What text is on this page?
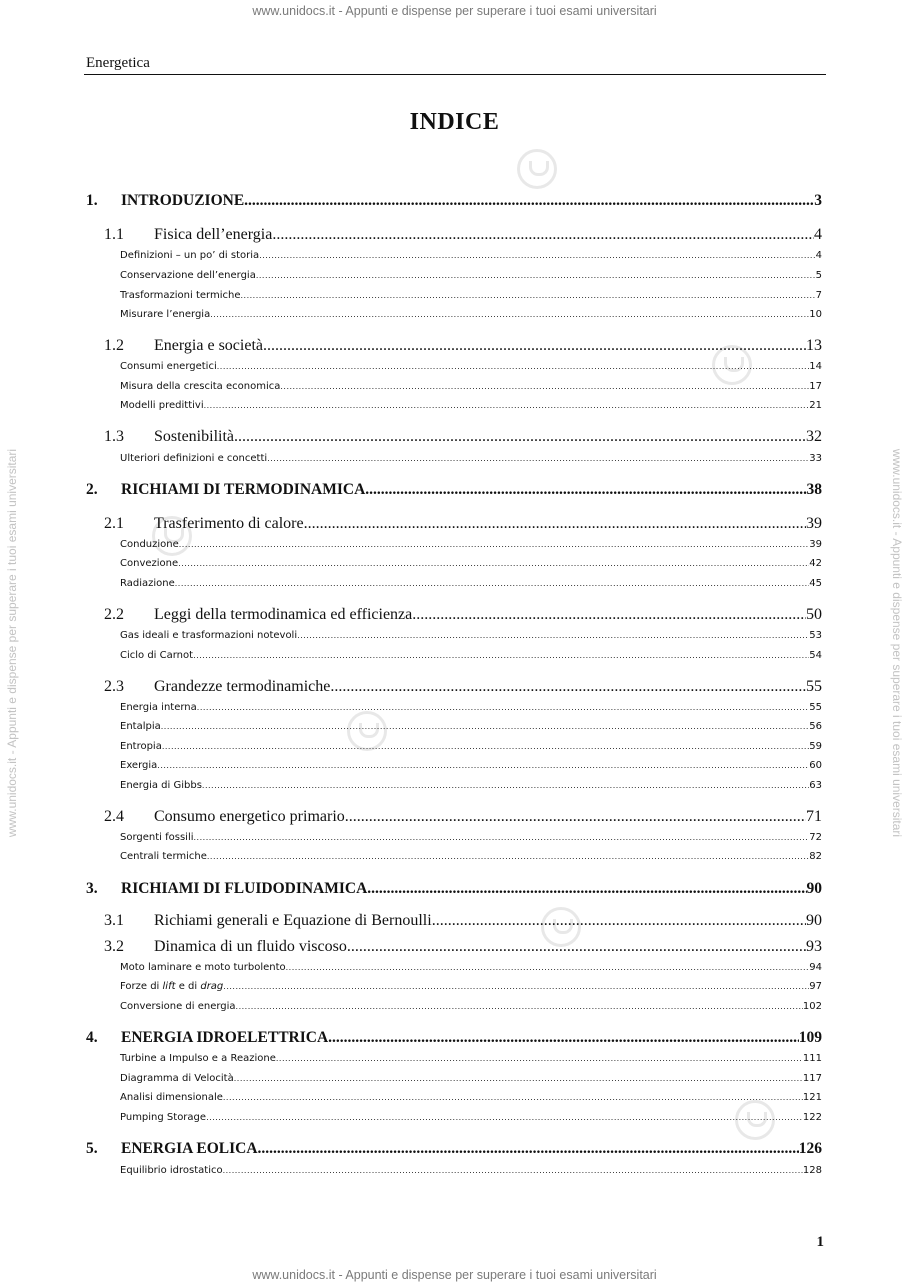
www.unidocs.it - Appunti e dispense per superare i tuoi esami universitari
www.unidocs.it - Appunti e dispense per superare i tuoi esami universitari
www.unidocs.it - Appunti e dispense per superare i tuoi esami universitari	www.unidocs.it - Appunti e dispense per superare i tuoi esami universitari
Energetica
INDICE
1.	INTRODUZIONE .....	3
1.1	Fisica dell’energia .....	4
Definizioni – un po’ di storia .....	4
Conservazione dell’energia .....	5
Trasformazioni termiche .....	7
Misurare l’energia .....	10
1.2	Energia e società .....	13
Consumi energetici .....	14
Misura della crescita economica .....	17
Modelli predittivi .....	21
1.3	Sostenibilità .....	32
Ulteriori definizioni e concetti .....	33
2.	RICHIAMI DI TERMODINAMICA .....	38
2.1	Trasferimento di calore .....	39
Conduzione .....	39
Convezione .....	42
Radiazione .....	45
2.2	Leggi della termodinamica ed efficienza .....	50
Gas ideali e trasformazioni notevoli .....	53
Ciclo di Carnot .....	54
2.3	Grandezze termodinamiche .....	55
Energia interna .....	55
Entalpia .....	56
Entropia .....	59
Exergia .....	60
Energia di Gibbs .....	63
2.4	Consumo energetico primario .....	71
Sorgenti fossili .....	72
Centrali termiche .....	82
3.	RICHIAMI DI FLUIDODINAMICA .....	90
3.1	Richiami generali e Equazione di Bernoulli .....	90
3.2	Dinamica di un fluido viscoso .....	93
Moto laminare e moto turbolento .....	94
Forze di lift e di drag .....	97
Conversione di energia .....	102
4.	ENERGIA IDROELETTRICA .....	109
Turbine a Impulso e a Reazione .....	111
Diagramma di Velocità .....	117
Analisi dimensionale .....	121
Pumping Storage .....	122
5.	ENERGIA EOLICA .....	126
Equilibrio idrostatico .....	128
1
